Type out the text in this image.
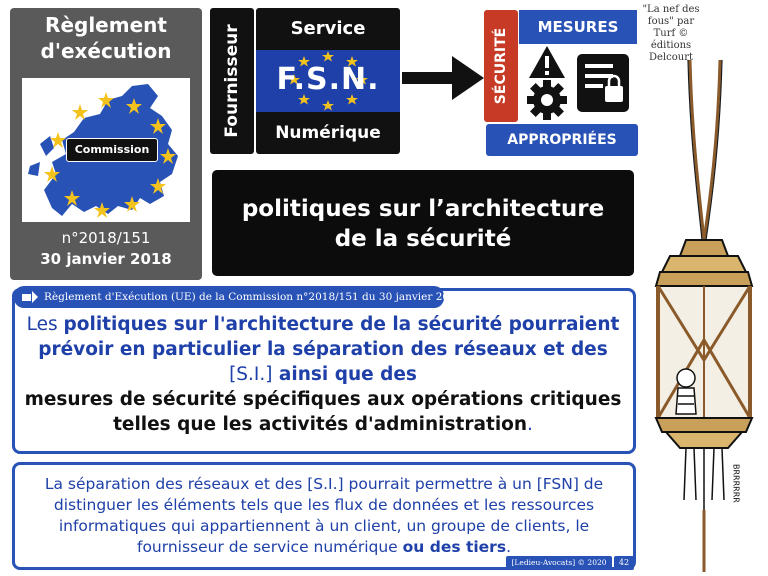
Règlement
d'exécution
Commission
n°2018/151
30 janvier 2018
Fournisseur	Service
F.S.N.
Numérique
SÉCURITÉ
MESURES
APPROPRIÉES
"La nef des
fous" par
Turf ©
éditions
Delcourt
politiques sur l’architecture
de la sécurité
BRRRRRR
Règlement d'Exécution (UE) de la Commission n°2018/151 du 30 janvier 2018
Les politiques sur l'architecture de la sécurité pourraient prévoir en particulier la séparation des réseaux et des [S.I.] ainsi que des
mesures de sécurité spécifiques aux opérations critiques telles que les activités d'administration.
La séparation des réseaux et des [S.I.] pourrait permettre à un [FSN] de distinguer les éléments tels que les flux de données et les ressources informatiques qui appartiennent à un client, un groupe de clients, le fournisseur de service numérique ou des tiers.
[Ledieu-Avocats] © 2020	42
